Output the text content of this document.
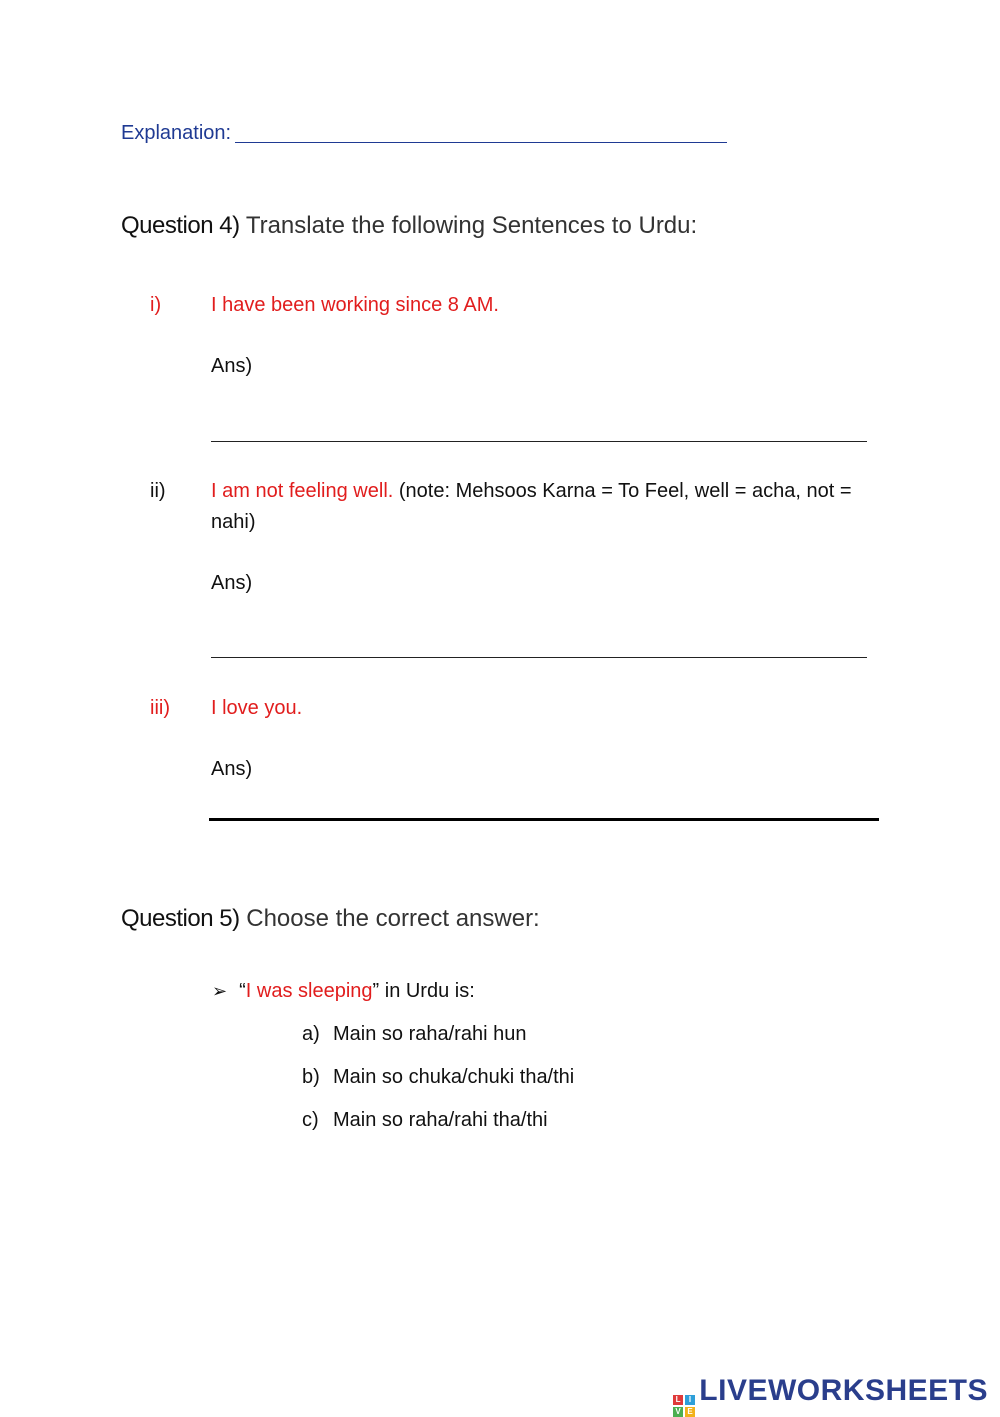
Explanation:
Question 4) Translate the following Sentences to Urdu:
i) I have been working since 8 AM.
Ans)
ii) I am not feeling well. (note: Mehsoos Karna = To Feel, well = acha, not = nahi)
Ans)
iii) I love you.
Ans)
Question 5) Choose the correct answer:
➢ “I was sleeping” in Urdu is:
a) Main so raha/rahi hun
b) Main so chuka/chuki tha/thi
c) Main so raha/rahi tha/thi
L I
V E
LIVEWORKSHEETS
